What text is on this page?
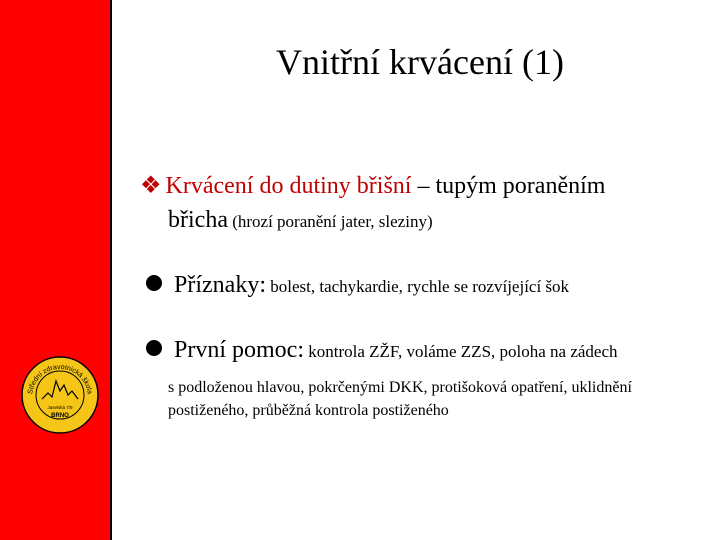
Střední zdravotnická škola
Jaselská 7/9
BRNO
Vnitřní krvácení (1)
❖ Krvácení do dutiny břišní – tupým poraněním
břicha (hrozí poranění jater, sleziny)
Příznaky: bolest, tachykardie, rychle se rozvíjející šok
První pomoc: kontrola ZŽF, voláme ZZS, poloha na zádech
s podloženou hlavou, pokrčenými DKK, protišoková opatření, uklidnění postiženého, průběžná kontrola postiženého
